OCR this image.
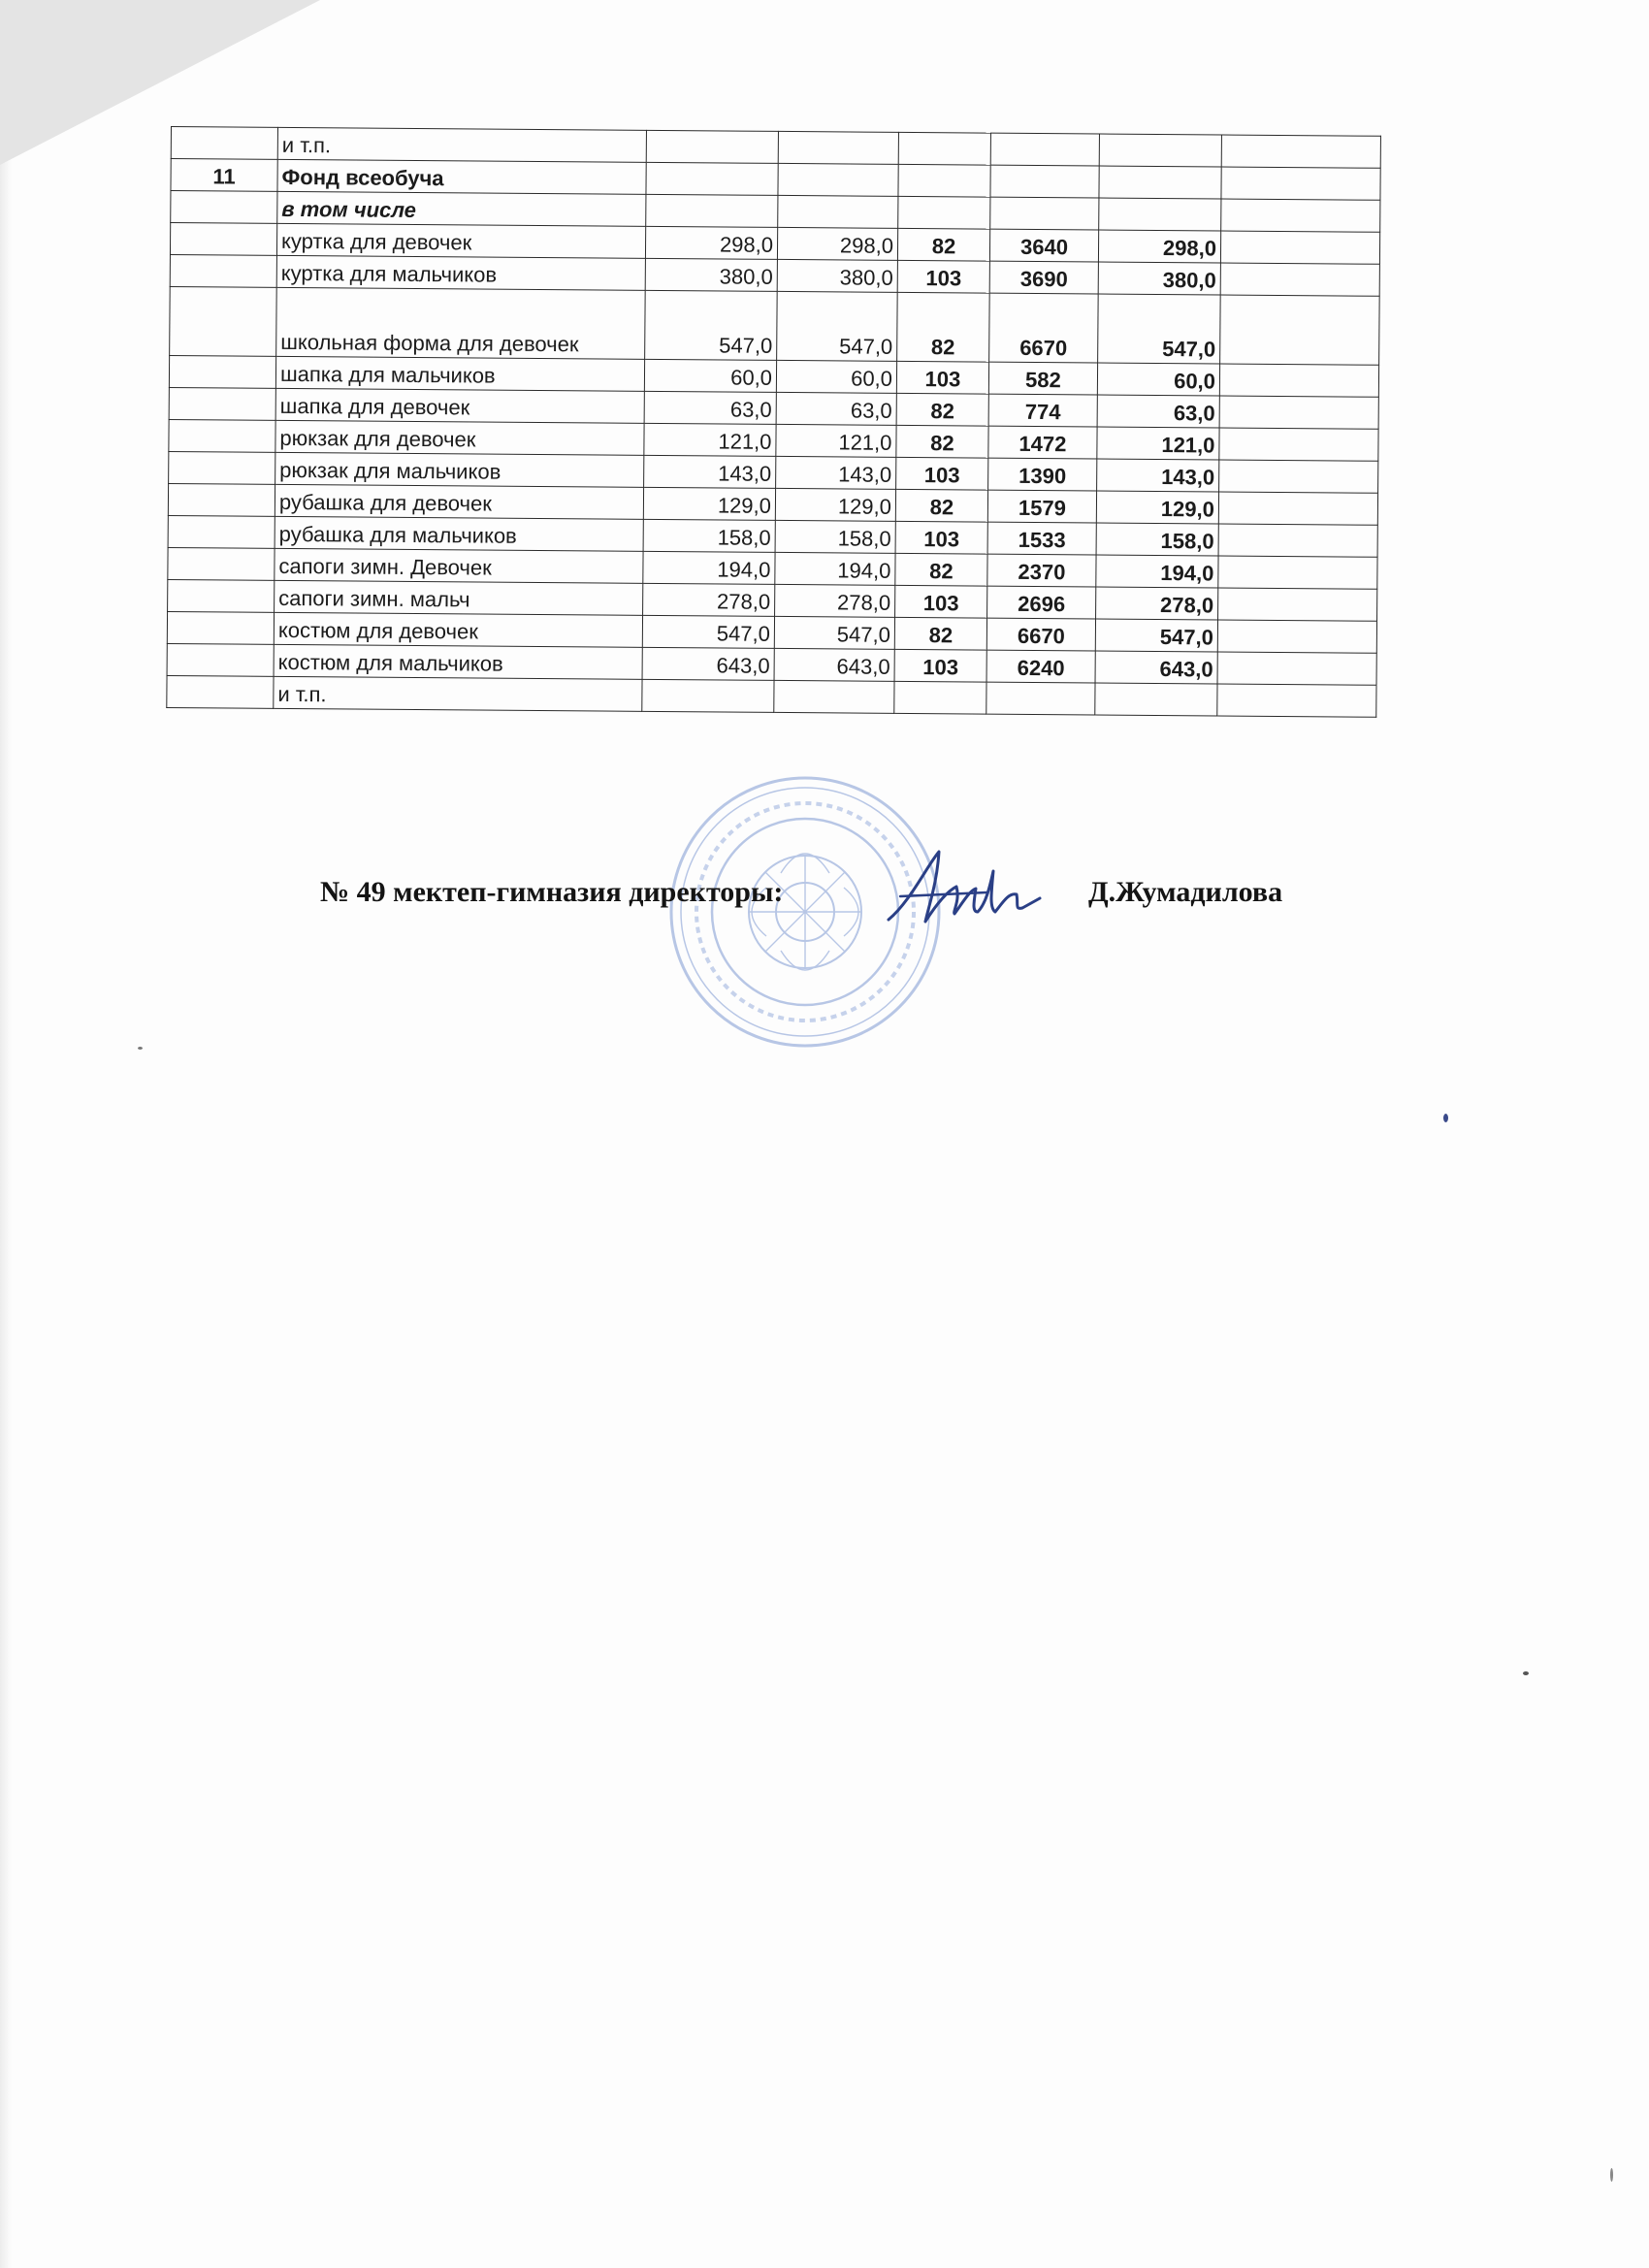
	и т.п.						
11	Фонд всеобуча						
	в том числе						
	куртка для девочек	298,0	298,0	82	3640	298,0	
	куртка для мальчиков	380,0	380,0	103	3690	380,0	
	школьная форма для девочек	547,0	547,0	82	6670	547,0	
	шапка для мальчиков	60,0	60,0	103	582	60,0	
	шапка для девочек	63,0	63,0	82	774	63,0	
	рюкзак для девочек	121,0	121,0	82	1472	121,0	
	рюкзак для мальчиков	143,0	143,0	103	1390	143,0	
	рубашка для девочек	129,0	129,0	82	1579	129,0	
	рубашка для мальчиков	158,0	158,0	103	1533	158,0	
	сапоги зимн. Девочек	194,0	194,0	82	2370	194,0	
	сапоги зимн. мальч	278,0	278,0	103	2696	278,0	
	костюм для девочек	547,0	547,0	82	6670	547,0	
	костюм для мальчиков	643,0	643,0	103	6240	643,0	
	и т.п.						
№ 49 мектеп-гимназия директоры:	Д.Жумадилова
